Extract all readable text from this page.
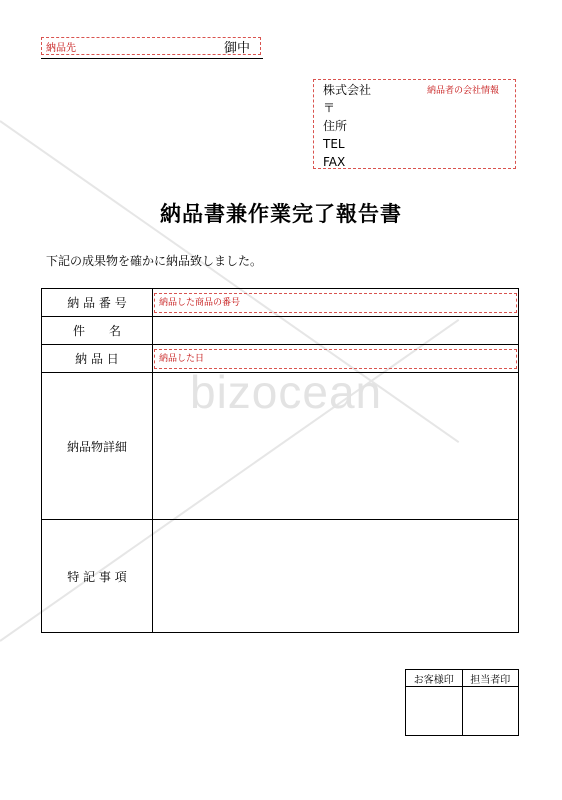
bizocean
納品先	御中
株式会社
〒
住所
TEL
FAX
納品者の会社情報
納品書兼作業完了報告書
下記の成果物を確かに納品致しました。
納 品 番 号	納品した商品の番号

件　　名	
納 品 日	納品した日

納品物詳細	
特 記 事 項	
お客様印	担当者印
